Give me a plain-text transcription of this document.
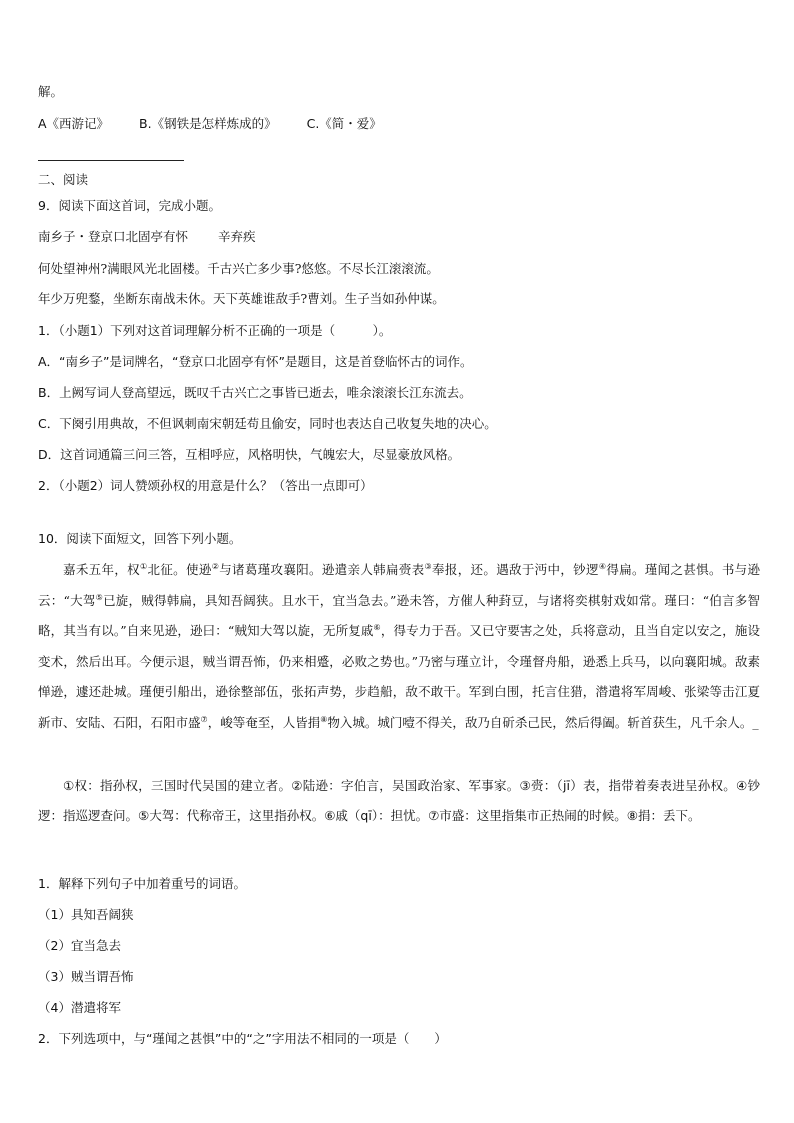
解。
A《西游记》 B.《钢铁是怎样炼成的》 C.《简・爱》
二、阅读
9．阅读下面这首词，完成小题。
南乡子・登京口北固亭有怀 辛弃疾
何处望神州?满眼风光北固楼。千古兴亡多少事?悠悠。不尽长江滚滚流。
年少万兜鍪，坐断东南战未休。天下英雄谁敌手?曹刘。生子当如孙仲谋。
1．（小题1）下列对这首词理解分析不正确的一项是（　　　）。
A．“南乡子”是词牌名，“登京口北固亭有怀”是题目，这是首登临怀古的词作。
B．上阙写词人登高望远，既叹千古兴亡之事皆已逝去，唯余滚滚长江东流去。
C．下阕引用典故，不但讽刺南宋朝廷苟且偷安，同时也表达自己收复失地的决心。
D．这首词通篇三问三答，互相呼应，风格明快，气魄宏大，尽显豪放风格。
2．（小题2）词人赞颂孙权的用意是什么？（答出一点即可）
10．阅读下面短文，回答下列小题。

嘉禾五年，权①北征。使逊②与诸葛瑾攻襄阳。逊遣亲人韩扁赍表③奉报，还。遇敌于沔中，钞逻④得扁。瑾闻之甚惧。书与逊云：“大驾⑤已旋，贼得韩扁，具知吾阔狭。且水干，宜当急去。”逊未答，方催人种葑豆，与诸将奕棋射戏如常。瑾曰：“伯言多智略，其当有以。”自来见逊，逊曰：“贼知大驾以旋，无所复戚⑥，得专力于吾。又已守要害之处，兵将意动，且当自定以安之，施设变术，然后出耳。今便示退，贼当谓吾怖，仍来相蹙，必败之势也。”乃密与瑾立计，令瑾督舟船，逊悉上兵马，以向襄阳城。敌素惮逊，遽还赴城。瑾便引船出，逊徐整部伍，张拓声势，步趋船，敌不敢干。军到白围，托言住猎，潜遣将军周峻、张梁等击江夏新市、安陆、石阳，石阳市盛⑦，峻等奄至，人皆捐⑧物入城。城门噎不得关，敌乃自斫杀己民，然后得阖。斩首获生，凡千余人。_

①权：指孙权，三国时代吴国的建立者。②陆逊：字伯言，吴国政治家、军事家。③赍：（jī）表，指带着奏表进呈孙权。④钞逻：指巡逻查问。⑤大驾：代称帝王，这里指孙权。⑥戚（qī）：担忧。⑦市盛：这里指集市正热闹的时候。⑧捐：丢下。
1．解释下列句子中加着重号的词语。
（1）具知吾阔狭
（2）宜当急去
（3）贼当谓吾怖
（4）潜遣将军
2．下列选项中，与“瑾闻之甚惧”中的“之”字用法不相同的一项是（　　）
